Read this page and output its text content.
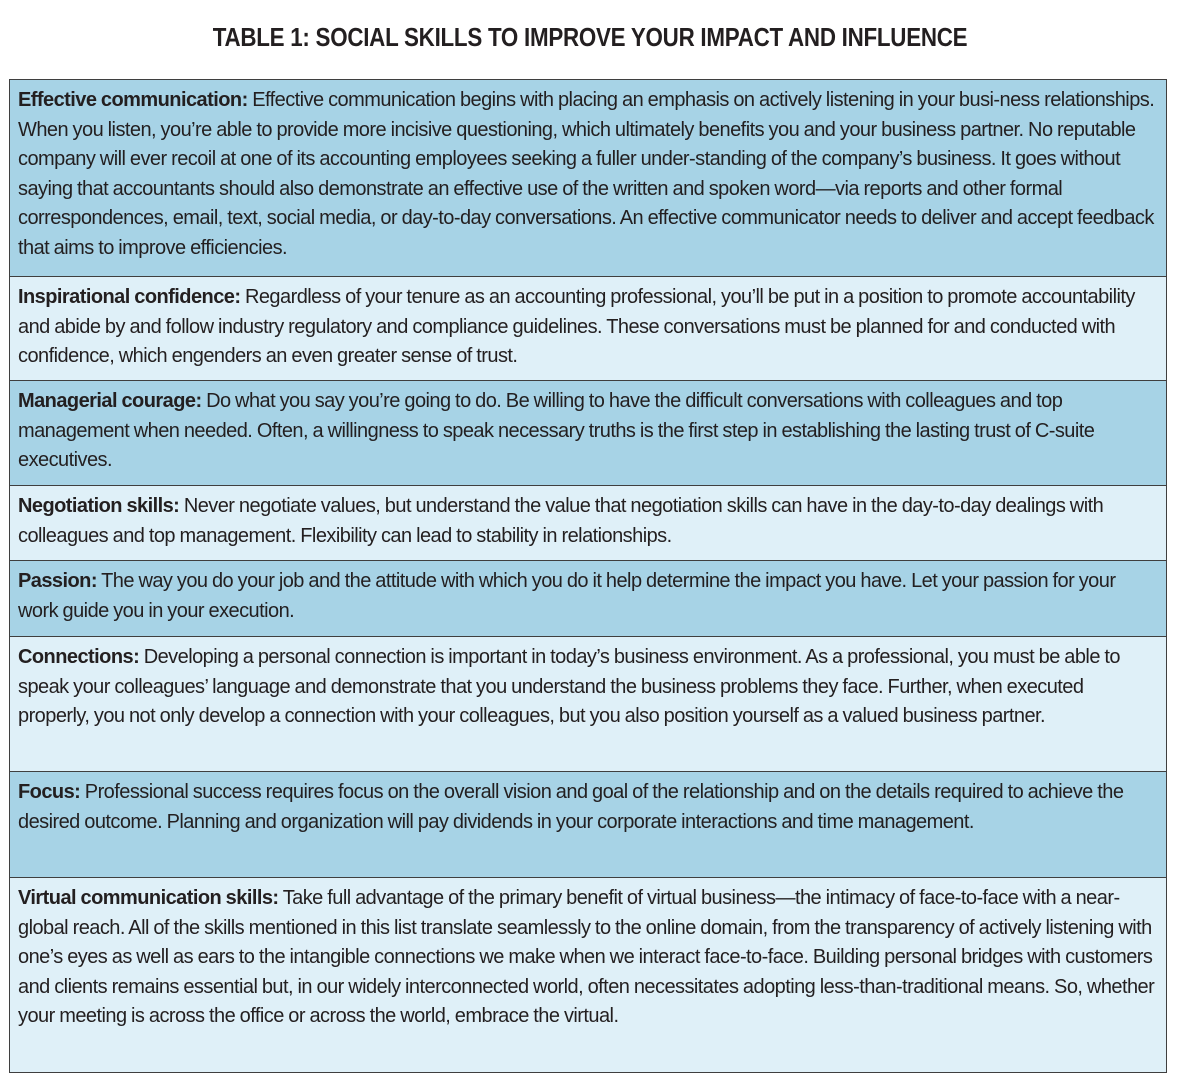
TABLE 1: SOCIAL SKILLS TO IMPROVE YOUR IMPACT AND INFLUENCE
Effective communication: Effective communication begins with placing an emphasis on actively listening in your busi-ness relationships. When you listen, you’re able to provide more incisive questioning, which ultimately benefits you and your business partner. No reputable company will ever recoil at one of its accounting employees seeking a fuller under-standing of the company’s business. It goes without saying that accountants should also demonstrate an effective use of the written and spoken word—via reports and other formal correspondences, email, text, social media, or day-to-day conversations. An effective communicator needs to deliver and accept feedback that aims to improve efficiencies.
Inspirational confidence: Regardless of your tenure as an accounting professional, you’ll be put in a position to promote accountability and abide by and follow industry regulatory and compliance guidelines. These conversations must be planned for and conducted with confidence, which engenders an even greater sense of trust.
Managerial courage: Do what you say you’re going to do. Be willing to have the difficult conversations with colleagues and top management when needed. Often, a willingness to speak necessary truths is the first step in establishing the lasting trust of C-suite executives.
Negotiation skills: Never negotiate values, but understand the value that negotiation skills can have in the day-to-day dealings with colleagues and top management. Flexibility can lead to stability in relationships.
Passion: The way you do your job and the attitude with which you do it help determine the impact you have. Let your passion for your work guide you in your execution.
Connections: Developing a personal connection is important in today’s business environment. As a professional, you must be able to speak your colleagues’ language and demonstrate that you understand the business problems they face. Further, when executed properly, you not only develop a connection with your colleagues, but you also position yourself as a valued business partner.
Focus: Professional success requires focus on the overall vision and goal of the relationship and on the details required to achieve the desired outcome. Planning and organization will pay dividends in your corporate interactions and time management.
Virtual communication skills: Take full advantage of the primary benefit of virtual business—the intimacy of face-to-face with a near-global reach. All of the skills mentioned in this list translate seamlessly to the online domain, from the transparency of actively listening with one’s eyes as well as ears to the intangible connections we make when we interact face-to-face. Building personal bridges with customers and clients remains essential but, in our widely interconnected world, often necessitates adopting less-than-traditional means. So, whether your meeting is across the office or across the world, embrace the virtual.
